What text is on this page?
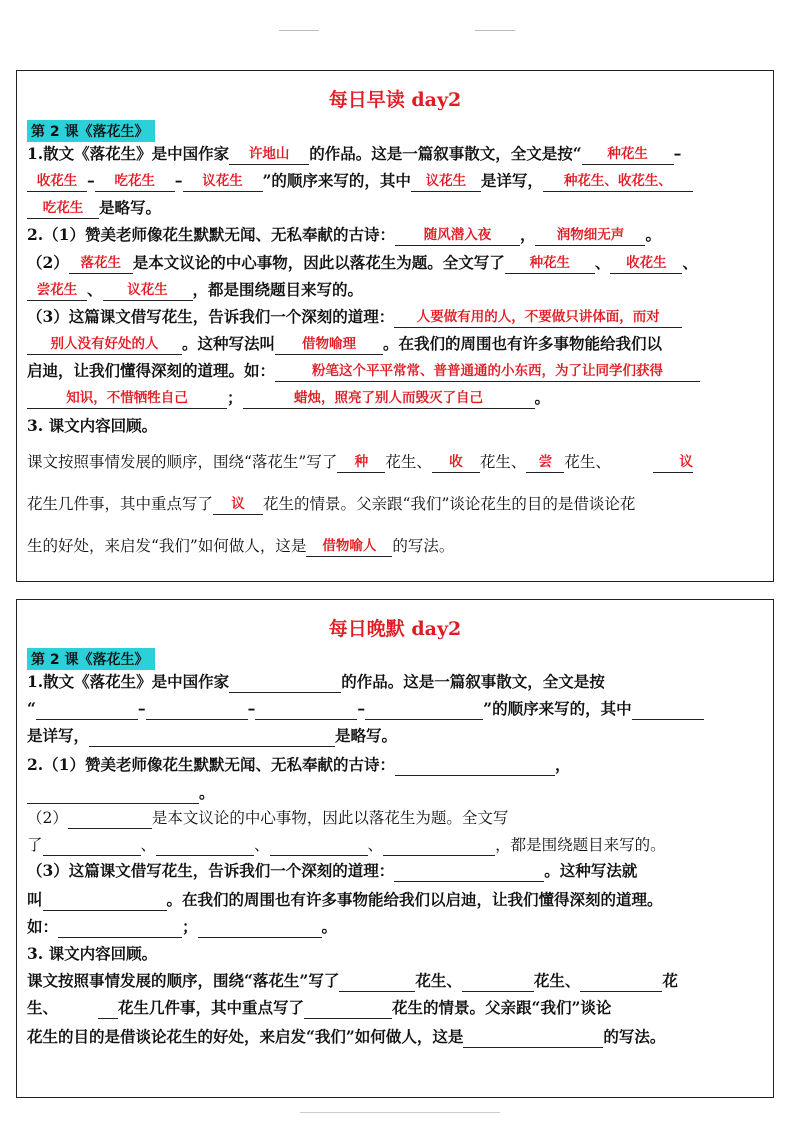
每日早读 day2
第 2 课《落花生》
1.散文《落花生》是中国作家 许地山 的作品。这是一篇叙事散文，全文是按“ 种花生 –
收花生 – 吃花生 – 议花生 ”的顺序来写的，其中 议花生 是详写， 种花生、收花生、
吃花生 是略写。
2.（1）赞美老师像花生默默无闻、无私奉献的古诗： 随风潜入夜 ， 润物细无声 。
（2） 落花生 是本文议论的中心事物，因此以落花生为题。全文写了 种花生 、 收花生 、
尝花生 、 议花生 ，都是围绕题目来写的。
（3）这篇课文借写花生，告诉我们一个深刻的道理： 人要做有用的人，不要做只讲体面，而对
别人没有好处的人 。这种写法叫 借物喻理 。在我们的周围也有许多事物能给我们以
启迪，让我们懂得深刻的道理。如：	粉笔这个平平常常、普普通通的小东西，为了让同学们获得
知识，不惜牺牲自己	；	蜡烛，照亮了别人而毁灭了自己	。
3. 课文内容回顾。
课文按照事情发展的顺序，围绕“落花生”写了 种 花生、 收 花生、 尝 花生、	议
花生几件事，其中重点写了 议 花生的情景。父亲跟“我们”谈论花生的目的是借谈论花
生的好处，来启发“我们”如何做人，这是 借物喻人 的写法。
每日晚默 day2
第 2 课《落花生》
1.散文《落花生》是中国作家	的作品。这是一篇叙事散文，全文是按
“	–	–	–	”的顺序来写的，其中
是详写，	是略写。
2.（1）赞美老师像花生默默无闻、无私奉献的古诗：	，
。
（2）	是本文议论的中心事物，因此以落花生为题。全文写
了	、	、	、	，都是围绕题目来写的。
（3）这篇课文借写花生，告诉我们一个深刻的道理：	。这种写法就
叫	。在我们的周围也有许多事物能给我们以启迪，让我们懂得深刻的道理。
如：	；	。
3. 课文内容回顾。
课文按照事情发展的顺序，围绕“落花生”写了	花生、	花生、	花
生、	花生几件事，其中重点写了	花生的情景。父亲跟“我们”谈论
花生的目的是借谈论花生的好处，来启发“我们”如何做人，这是	的写法。
